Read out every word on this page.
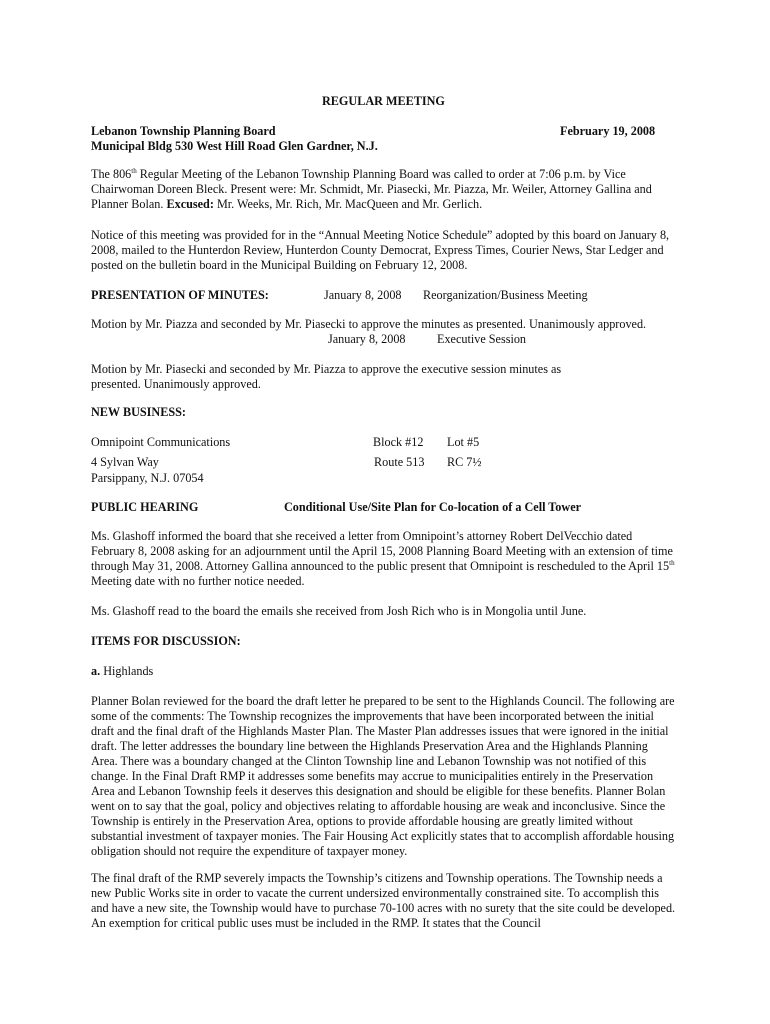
REGULAR MEETING
Lebanon Township Planning Board	February 19, 2008
Municipal Bldg 530 West Hill Road Glen Gardner, N.J.

The 806th Regular Meeting of the Lebanon Township Planning Board was called to order at 7:06 p.m. by Vice Chairwoman Doreen Bleck. Present were: Mr. Schmidt, Mr. Piasecki, Mr. Piazza, Mr. Weiler, Attorney Gallina and Planner Bolan. Excused: Mr. Weeks, Mr. Rich, Mr. MacQueen and Mr. Gerlich.

Notice of this meeting was provided for in the “Annual Meeting Notice Schedule” adopted by this board on January 8, 2008, mailed to the Hunterdon Review, Hunterdon County Democrat, Express Times, Courier News, Star Ledger and posted on the bulletin board in the Municipal Building on February 12, 2008.

PRESENTATION OF MINUTES:	January 8, 2008 Reorganization/Business Meeting
Motion by Mr. Piazza and seconded by Mr. Piasecki to approve the minutes as presented. Unanimously approved.
January 8, 2008	Executive Session

Motion by Mr. Piasecki and seconded by Mr. Piazza to approve the executive session minutes as presented. Unanimously approved.

NEW BUSINESS:
Omnipoint Communications	Block #12 Lot #5
4 Sylvan Way	Route 513 RC 7½
Parsippany, N.J. 07054
PUBLIC HEARING	Conditional Use/Site Plan for Co-location of a Cell Tower

Ms. Glashoff informed the board that she received a letter from Omnipoint’s attorney Robert DelVecchio dated February 8, 2008 asking for an adjournment until the April 15, 2008 Planning Board Meeting with an extension of time through May 31, 2008. Attorney Gallina announced to the public present that Omnipoint is rescheduled to the April 15th Meeting date with no further notice needed.

Ms. Glashoff read to the board the emails she received from Josh Rich who is in Mongolia until June.

ITEMS FOR DISCUSSION:
a. Highlands

Planner Bolan reviewed for the board the draft letter he prepared to be sent to the Highlands Council. The following are some of the comments: The Township recognizes the improvements that have been incorporated between the initial draft and the final draft of the Highlands Master Plan. The Master Plan addresses issues that were ignored in the initial draft. The letter addresses the boundary line between the Highlands Preservation Area and the Highlands Planning Area. There was a boundary changed at the Clinton Township line and Lebanon Township was not notified of this change. In the Final Draft RMP it addresses some benefits may accrue to municipalities entirely in the Preservation Area and Lebanon Township feels it deserves this designation and should be eligible for these benefits. Planner Bolan went on to say that the goal, policy and objectives relating to affordable housing are weak and inconclusive. Since the Township is entirely in the Preservation Area, options to provide affordable housing are greatly limited without substantial investment of taxpayer monies. The Fair Housing Act explicitly states that to accomplish affordable housing obligation should not require the expenditure of taxpayer money.

The final draft of the RMP severely impacts the Township’s citizens and Township operations. The Township needs a new Public Works site in order to vacate the current undersized environmentally constrained site. To accomplish this and have a new site, the Township would have to purchase 70-100 acres with no surety that the site could be developed. An exemption for critical public uses must be included in the RMP. It states that the Council
